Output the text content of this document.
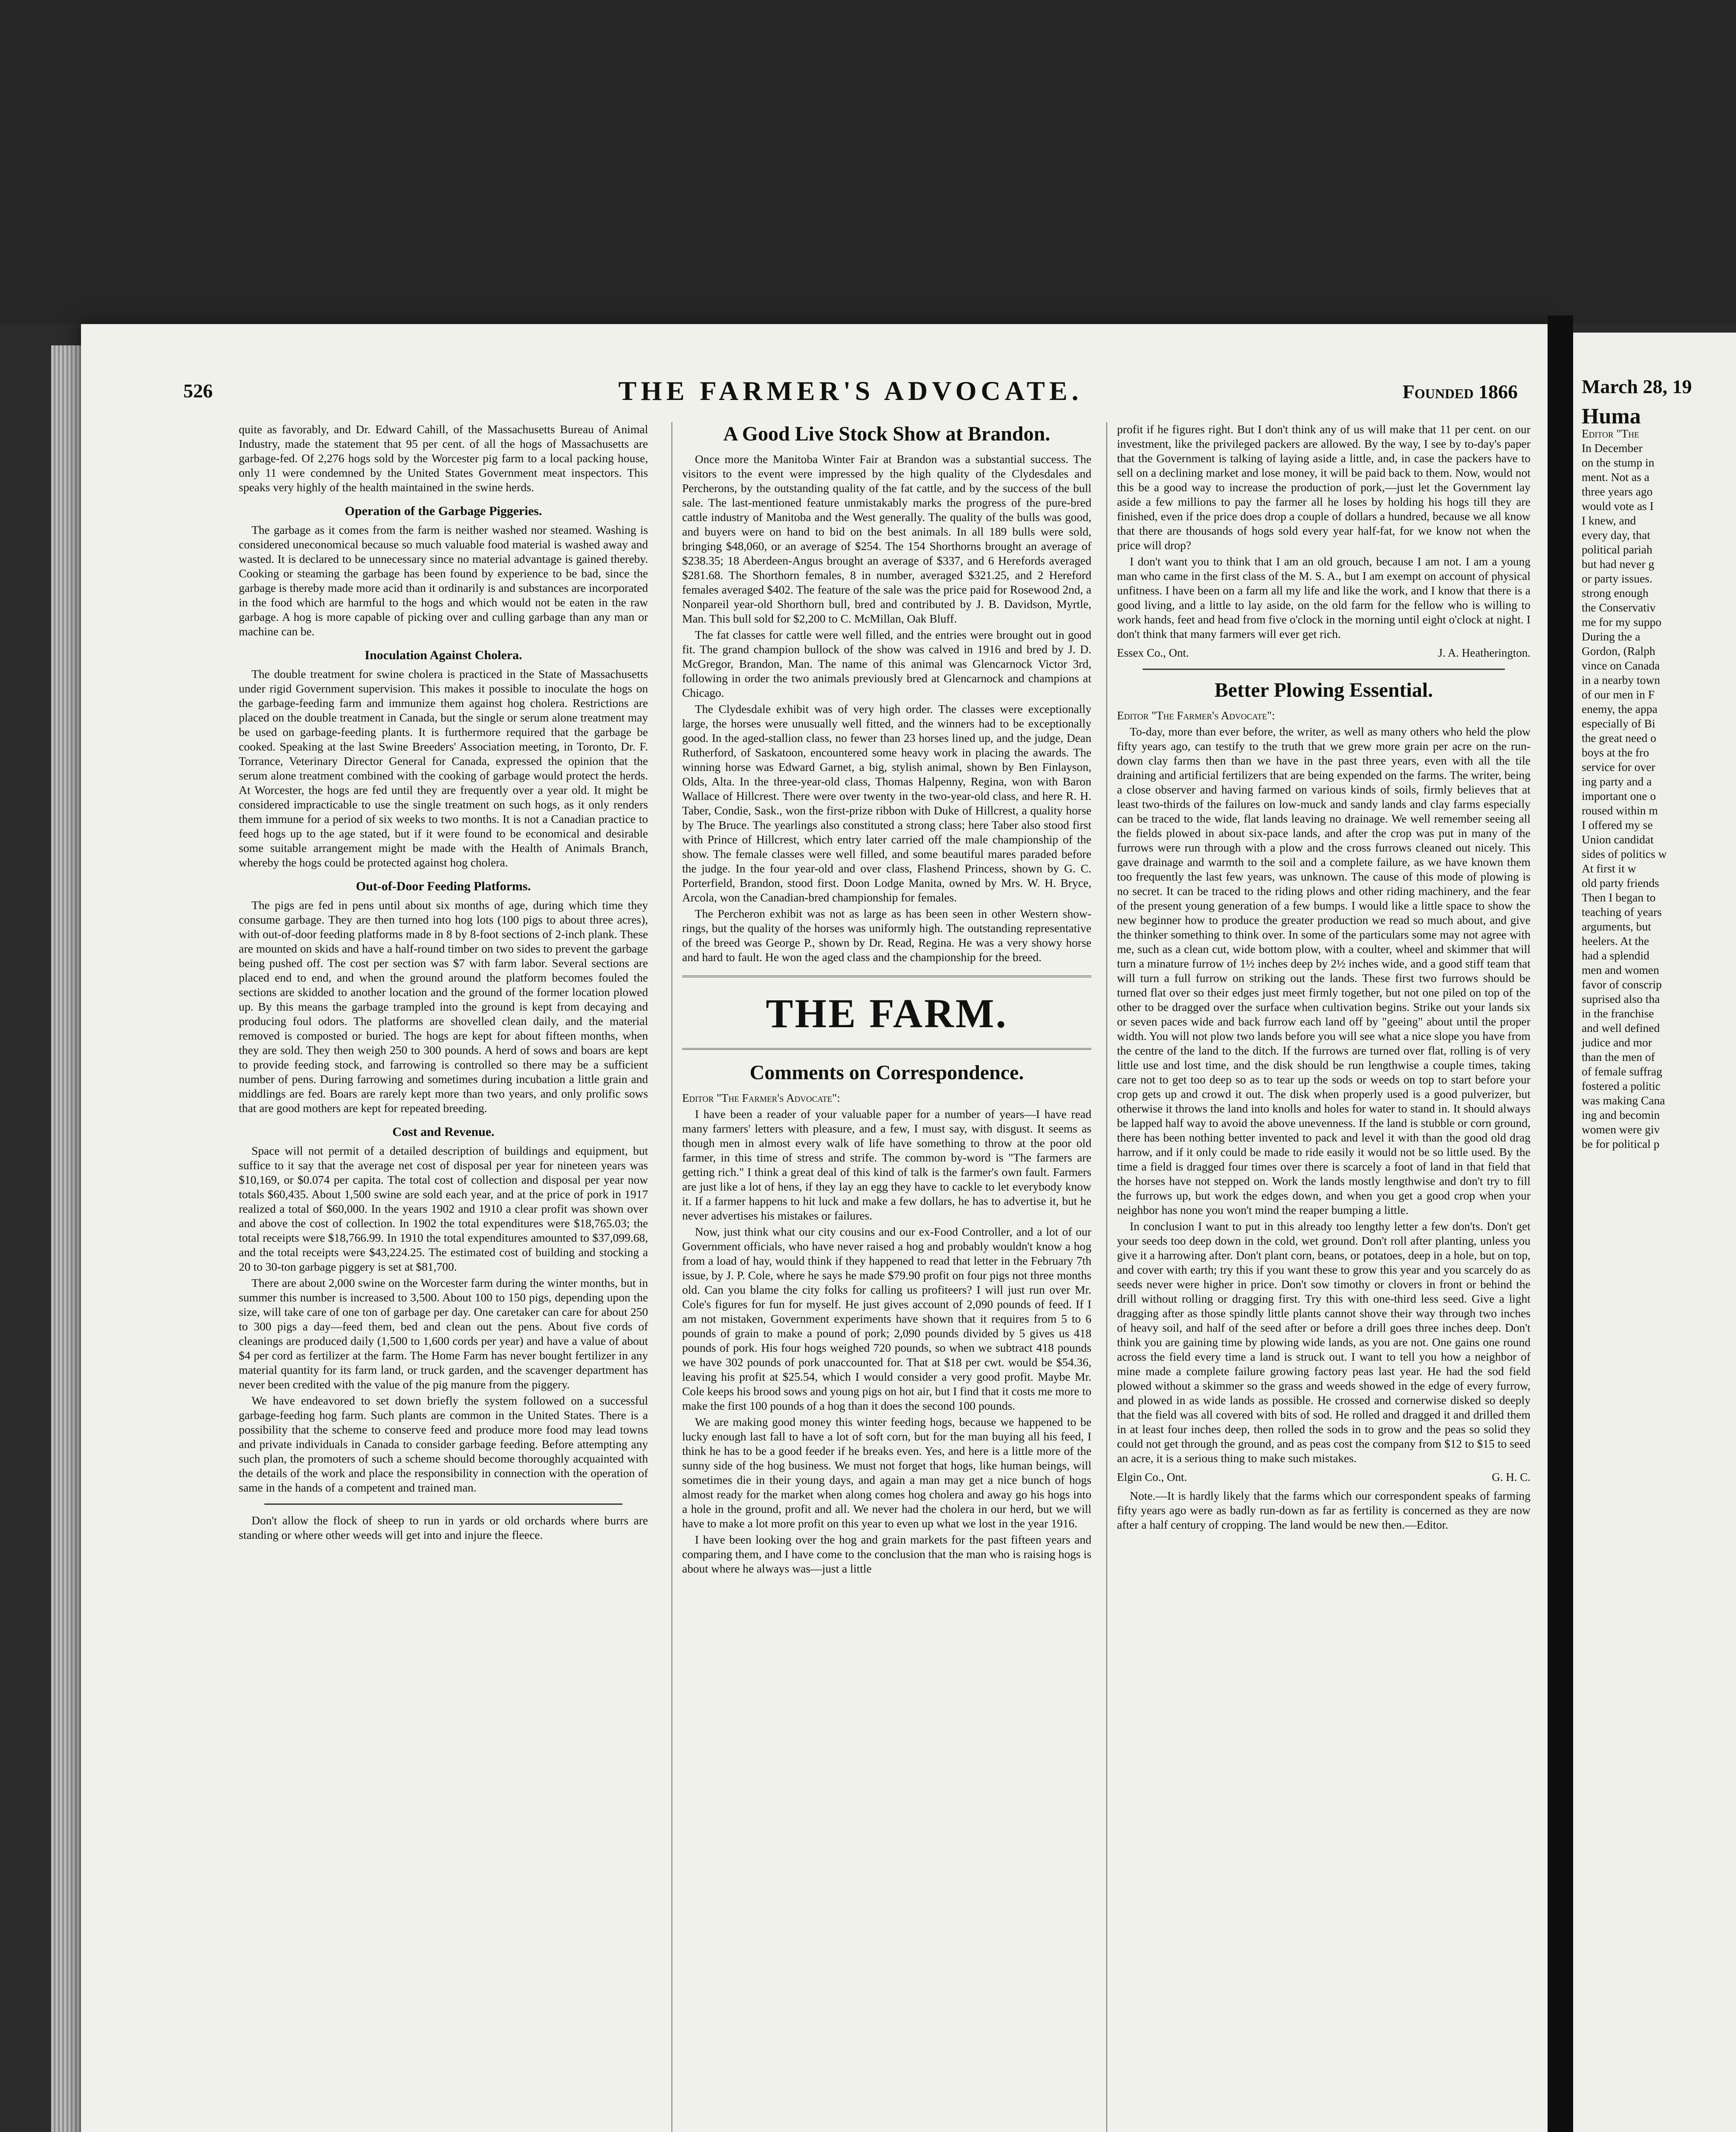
526	THE FARMER'S ADVOCATE.	Founded 1866

quite as favorably, and Dr. Edward Cahill, of the Massachusetts Bureau of Animal Industry, made the statement that 95 per cent. of all the hogs of Massachusetts are garbage-fed. Of 2,276 hogs sold by the Worcester pig farm to a local packing house, only 11 were condemned by the United States Government meat inspectors. This speaks very highly of the health maintained in the swine herds.

Operation of the Garbage Piggeries.

The garbage as it comes from the farm is neither washed nor steamed. Washing is considered uneconomical because so much valuable food material is washed away and wasted. It is declared to be unnecessary since no material advantage is gained thereby. Cooking or steaming the garbage has been found by experience to be bad, since the garbage is thereby made more acid than it ordinarily is and substances are incorporated in the food which are harmful to the hogs and which would not be eaten in the raw garbage. A hog is more capable of picking over and culling garbage than any man or machine can be.

Inoculation Against Cholera.

The double treatment for swine cholera is practiced in the State of Massachusetts under rigid Government supervision. This makes it possible to inoculate the hogs on the garbage-feeding farm and immunize them against hog cholera. Restrictions are placed on the double treatment in Canada, but the single or serum alone treatment may be used on garbage-feeding plants. It is furthermore required that the garbage be cooked. Speaking at the last Swine Breeders' Association meeting, in Toronto, Dr. F. Torrance, Veterinary Director General for Canada, expressed the opinion that the serum alone treatment combined with the cooking of garbage would protect the herds. At Worcester, the hogs are fed until they are frequently over a year old. It might be considered impracticable to use the single treatment on such hogs, as it only renders them immune for a period of six weeks to two months. It is not a Canadian practice to feed hogs up to the age stated, but if it were found to be economical and desirable some suitable arrangement might be made with the Health of Animals Branch, whereby the hogs could be protected against hog cholera.

Out-of-Door Feeding Platforms.

The pigs are fed in pens until about six months of age, during which time they consume garbage. They are then turned into hog lots (100 pigs to about three acres), with out-of-door feeding platforms made in 8 by 8-foot sections of 2-inch plank. These are mounted on skids and have a half-round timber on two sides to prevent the garbage being pushed off. The cost per section was $7 with farm labor. Several sections are placed end to end, and when the ground around the platform becomes fouled the sections are skidded to another location and the ground of the former location plowed up. By this means the garbage trampled into the ground is kept from decaying and producing foul odors. The platforms are shovelled clean daily, and the material removed is composted or buried. The hogs are kept for about fifteen months, when they are sold. They then weigh 250 to 300 pounds. A herd of sows and boars are kept to provide feeding stock, and farrowing is controlled so there may be a sufficient number of pens. During farrowing and sometimes during incubation a little grain and middlings are fed. Boars are rarely kept more than two years, and only prolific sows that are good mothers are kept for repeated breeding.

Cost and Revenue.

Space will not permit of a detailed description of buildings and equipment, but suffice to it say that the average net cost of disposal per year for nineteen years was $10,169, or $0.074 per capita. The total cost of collection and disposal per year now totals $60,435. About 1,500 swine are sold each year, and at the price of pork in 1917 realized a total of $60,000. In the years 1902 and 1910 a clear profit was shown over and above the cost of collection. In 1902 the total expenditures were $18,765.03; the total receipts were $18,766.99. In 1910 the total expenditures amounted to $37,099.68, and the total receipts were $43,224.25. The estimated cost of building and stocking a 20 to 30-ton garbage piggery is set at $81,700.

There are about 2,000 swine on the Worcester farm during the winter months, but in summer this number is increased to 3,500. About 100 to 150 pigs, depending upon the size, will take care of one ton of garbage per day. One caretaker can care for about 250 to 300 pigs a day—feed them, bed and clean out the pens. About five cords of cleanings are produced daily (1,500 to 1,600 cords per year) and have a value of about $4 per cord as fertilizer at the farm. The Home Farm has never bought fertilizer in any material quantity for its farm land, or truck garden, and the scavenger department has never been credited with the value of the pig manure from the piggery.

We have endeavored to set down briefly the system followed on a successful garbage-feeding hog farm. Such plants are common in the United States. There is a possibility that the scheme to conserve feed and produce more food may lead towns and private individuals in Canada to consider garbage feeding. Before attempting any such plan, the promoters of such a scheme should become thoroughly acquainted with the details of the work and place the responsibility in connection with the operation of same in the hands of a competent and trained man.

Don't allow the flock of sheep to run in yards or old orchards where burrs are standing or where other weeds will get into and injure the fleece.

A Good Live Stock Show at Brandon.

Once more the Manitoba Winter Fair at Brandon was a substantial success. The visitors to the event were impressed by the high quality of the Clydesdales and Percherons, by the outstanding quality of the fat cattle, and by the success of the bull sale. The last-mentioned feature unmistakably marks the progress of the pure-bred cattle industry of Manitoba and the West generally. The quality of the bulls was good, and buyers were on hand to bid on the best animals. In all 189 bulls were sold, bringing $48,060, or an average of $254. The 154 Shorthorns brought an average of $238.35; 18 Aberdeen-Angus brought an average of $337, and 6 Herefords averaged $281.68. The Shorthorn females, 8 in number, averaged $321.25, and 2 Hereford females averaged $402. The feature of the sale was the price paid for Rosewood 2nd, a Nonpareil year-old Shorthorn bull, bred and contributed by J. B. Davidson, Myrtle, Man. This bull sold for $2,200 to C. McMillan, Oak Bluff.

The fat classes for cattle were well filled, and the entries were brought out in good fit. The grand champion bullock of the show was calved in 1916 and bred by J. D. McGregor, Brandon, Man. The name of this animal was Glencarnock Victor 3rd, following in order the two animals previously bred at Glencarnock and champions at Chicago.

The Clydesdale exhibit was of very high order. The classes were exceptionally large, the horses were unusually well fitted, and the winners had to be exceptionally good. In the aged-stallion class, no fewer than 23 horses lined up, and the judge, Dean Rutherford, of Saskatoon, encountered some heavy work in placing the awards. The winning horse was Edward Garnet, a big, stylish animal, shown by Ben Finlayson, Olds, Alta. In the three-year-old class, Thomas Halpenny, Regina, won with Baron Wallace of Hillcrest. There were over twenty in the two-year-old class, and here R. H. Taber, Condie, Sask., won the first-prize ribbon with Duke of Hillcrest, a quality horse by The Bruce. The yearlings also constituted a strong class; here Taber also stood first with Prince of Hillcrest, which entry later carried off the male championship of the show. The female classes were well filled, and some beautiful mares paraded before the judge. In the four year-old and over class, Flashend Princess, shown by G. C. Porterfield, Brandon, stood first. Doon Lodge Manita, owned by Mrs. W. H. Bryce, Arcola, won the Canadian-bred championship for females.

The Percheron exhibit was not as large as has been seen in other Western show-rings, but the quality of the horses was uniformly high. The outstanding representative of the breed was George P., shown by Dr. Read, Regina. He was a very showy horse and hard to fault. He won the aged class and the championship for the breed.

THE FARM.
Comments on Correspondence.
Editor "The Farmer's Advocate":

I have been a reader of your valuable paper for a number of years—I have read many farmers' letters with pleasure, and a few, I must say, with disgust. It seems as though men in almost every walk of life have something to throw at the poor old farmer, in this time of stress and strife. The common by-word is "The farmers are getting rich." I think a great deal of this kind of talk is the farmer's own fault. Farmers are just like a lot of hens, if they lay an egg they have to cackle to let everybody know it. If a farmer happens to hit luck and make a few dollars, he has to advertise it, but he never advertises his mistakes or failures.

Now, just think what our city cousins and our ex-Food Controller, and a lot of our Government officials, who have never raised a hog and probably wouldn't know a hog from a load of hay, would think if they happened to read that letter in the February 7th issue, by J. P. Cole, where he says he made $79.90 profit on four pigs not three months old. Can you blame the city folks for calling us profiteers? I will just run over Mr. Cole's figures for fun for myself. He just gives account of 2,090 pounds of feed. If I am not mistaken, Government experiments have shown that it requires from 5 to 6 pounds of grain to make a pound of pork; 2,090 pounds divided by 5 gives us 418 pounds of pork. His four hogs weighed 720 pounds, so when we subtract 418 pounds we have 302 pounds of pork unaccounted for. That at $18 per cwt. would be $54.36, leaving his profit at $25.54, which I would consider a very good profit. Maybe Mr. Cole keeps his brood sows and young pigs on hot air, but I find that it costs me more to make the first 100 pounds of a hog than it does the second 100 pounds.

We are making good money this winter feeding hogs, because we happened to be lucky enough last fall to have a lot of soft corn, but for the man buying all his feed, I think he has to be a good feeder if he breaks even. Yes, and here is a little more of the sunny side of the hog business. We must not forget that hogs, like human beings, will sometimes die in their young days, and again a man may get a nice bunch of hogs almost ready for the market when along comes hog cholera and away go his hogs into a hole in the ground, profit and all. We never had the cholera in our herd, but we will have to make a lot more profit on this year to even up what we lost in the year 1916.

I have been looking over the hog and grain markets for the past fifteen years and comparing them, and I have come to the conclusion that the man who is raising hogs is about where he always was—just a little

profit if he figures right. But I don't think any of us will make that 11 per cent. on our investment, like the privileged packers are allowed. By the way, I see by to-day's paper that the Government is talking of laying aside a little, and, in case the packers have to sell on a declining market and lose money, it will be paid back to them. Now, would not this be a good way to increase the production of pork,—just let the Government lay aside a few millions to pay the farmer all he loses by holding his hogs till they are finished, even if the price does drop a couple of dollars a hundred, because we all know that there are thousands of hogs sold every year half-fat, for we know not when the price will drop?

I don't want you to think that I am an old grouch, because I am not. I am a young man who came in the first class of the M. S. A., but I am exempt on account of physical unfitness. I have been on a farm all my life and like the work, and I know that there is a good living, and a little to lay aside, on the old farm for the fellow who is willing to work hands, feet and head from five o'clock in the morning until eight o'clock at night. I don't think that many farmers will ever get rich.

Essex Co., Ont.	J. A. Heatherington.
Better Plowing Essential.
Editor "The Farmer's Advocate":

To-day, more than ever before, the writer, as well as many others who held the plow fifty years ago, can testify to the truth that we grew more grain per acre on the run-down clay farms then than we have in the past three years, even with all the tile draining and artificial fertilizers that are being expended on the farms. The writer, being a close observer and having farmed on various kinds of soils, firmly believes that at least two-thirds of the failures on low-muck and sandy lands and clay farms especially can be traced to the wide, flat lands leaving no drainage. We well remember seeing all the fields plowed in about six-pace lands, and after the crop was put in many of the furrows were run through with a plow and the cross furrows cleaned out nicely. This gave drainage and warmth to the soil and a complete failure, as we have known them too frequently the last few years, was unknown. The cause of this mode of plowing is no secret. It can be traced to the riding plows and other riding machinery, and the fear of the present young generation of a few bumps. I would like a little space to show the new beginner how to produce the greater production we read so much about, and give the thinker something to think over. In some of the particulars some may not agree with me, such as a clean cut, wide bottom plow, with a coulter, wheel and skimmer that will turn a minature furrow of 1½ inches deep by 2½ inches wide, and a good stiff team that will turn a full furrow on striking out the lands. These first two furrows should be turned flat over so their edges just meet firmly together, but not one piled on top of the other to be dragged over the surface when cultivation begins. Strike out your lands six or seven paces wide and back furrow each land off by "geeing" about until the proper width. You will not plow two lands before you will see what a nice slope you have from the centre of the land to the ditch. If the furrows are turned over flat, rolling is of very little use and lost time, and the disk should be run lengthwise a couple times, taking care not to get too deep so as to tear up the sods or weeds on top to start before your crop gets up and crowd it out. The disk when properly used is a good pulverizer, but otherwise it throws the land into knolls and holes for water to stand in. It should always be lapped half way to avoid the above unevenness. If the land is stubble or corn ground, there has been nothing better invented to pack and level it with than the good old drag harrow, and if it only could be made to ride easily it would not be so little used. By the time a field is dragged four times over there is scarcely a foot of land in that field that the horses have not stepped on. Work the lands mostly lengthwise and don't try to fill the furrows up, but work the edges down, and when you get a good crop when your neighbor has none you won't mind the reaper bumping a little.

In conclusion I want to put in this already too lengthy letter a few don'ts. Don't get your seeds too deep down in the cold, wet ground. Don't roll after planting, unless you give it a harrowing after. Don't plant corn, beans, or potatoes, deep in a hole, but on top, and cover with earth; try this if you want these to grow this year and you scarcely do as seeds never were higher in price. Don't sow timothy or clovers in front or behind the drill without rolling or dragging first. Try this with one-third less seed. Give a light dragging after as those spindly little plants cannot shove their way through two inches of heavy soil, and half of the seed after or before a drill goes three inches deep. Don't think you are gaining time by plowing wide lands, as you are not. One gains one round across the field every time a land is struck out. I want to tell you how a neighbor of mine made a complete failure growing factory peas last year. He had the sod field plowed without a skimmer so the grass and weeds showed in the edge of every furrow, and plowed in as wide lands as possible. He crossed and cornerwise disked so deeply that the field was all covered with bits of sod. He rolled and dragged it and drilled them in at least four inches deep, then rolled the sods in to grow and the peas so solid they could not get through the ground, and as peas cost the company from $12 to $15 to seed an acre, it is a serious thing to make such mistakes.

Elgin Co., Ont.	G. H. C.

Note.—It is hardly likely that the farms which our correspondent speaks of farming fifty years ago were as badly run-down as far as fertility is concerned as they are now after a half century of cropping. The land would be new then.—Editor.

March 28, 19
Huma
Editor "The
In December
on the stump in
ment. Not as a
three years ago
would vote as I
I knew, and
every day, that
political pariah
but had never g
or party issues.
strong enough
the Conservativ
me for my suppo
During the a
Gordon, (Ralph
vince on Canada
in a nearby town
of our men in F
enemy, the appa
especially of Bi
the great need o
boys at the fro
service for over
ing party and a
important one o
roused within m
I offered my se
Union candidat
sides of politics w
At first it w
old party friends
Then I began to
teaching of years
arguments, but
heelers. At the
had a splendid
men and women
favor of conscrip
suprised also tha
in the franchise
and well defined
judice and mor
than the men of
of female suffrag
fostered a politic
was making Cana
ing and becomin
women were giv
be for political p
